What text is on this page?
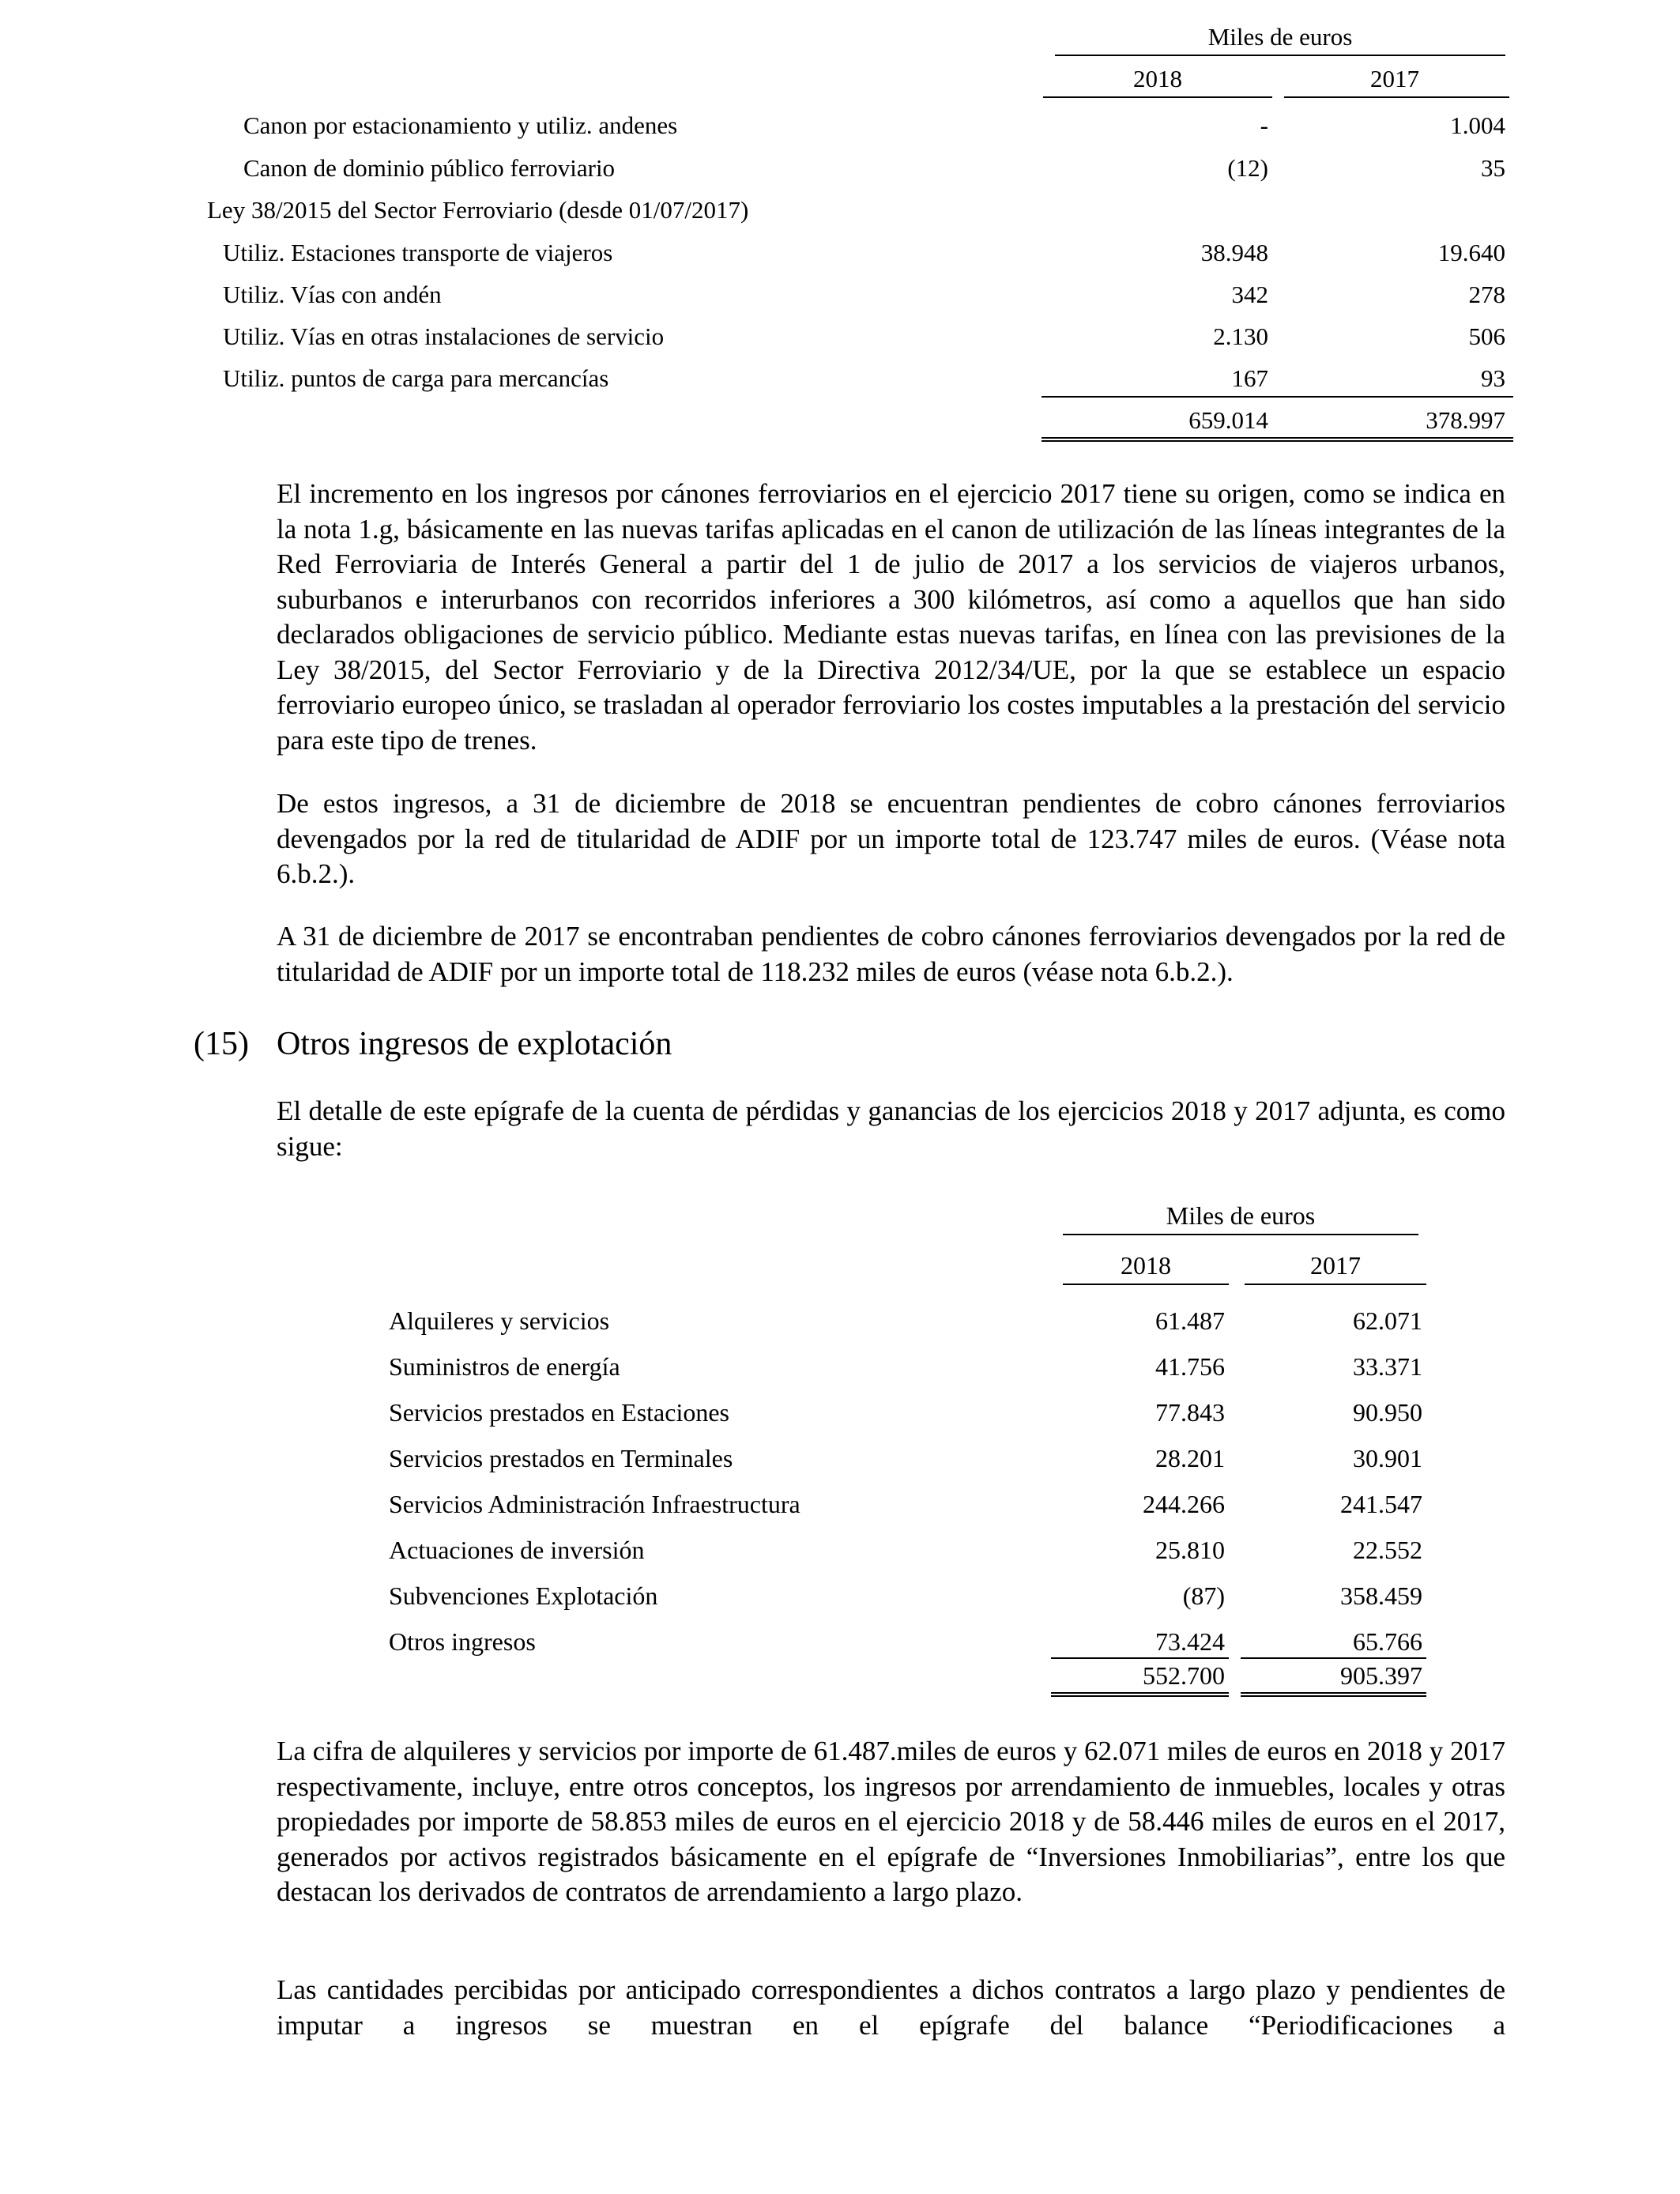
Miles de euros
2018	2017
Canon por estacionamiento y utiliz. andenes	-	1.004
Canon de dominio público ferroviario	(12)	35
Ley 38/2015 del Sector Ferroviario (desde 01/07/2017)
Utiliz. Estaciones transporte de viajeros	38.948	19.640
Utiliz. Vías con andén	342	278
Utiliz. Vías en otras instalaciones de servicio	2.130	506
Utiliz. puntos de carga para mercancías	167	93
659.014	378.997
El incremento en los ingresos por cánones ferroviarios en el ejercicio 2017 tiene su origen, como se indica en la nota 1.g, básicamente en las nuevas tarifas aplicadas en el canon de utilización de las líneas integrantes de la Red Ferroviaria de Interés General a partir del 1 de julio de 2017 a los servicios de viajeros urbanos, suburbanos e interurbanos con recorridos inferiores a 300 kilómetros, así como a aquellos que han sido declarados obligaciones de servicio público. Mediante estas nuevas tarifas, en línea con las previsiones de la Ley 38/2015, del Sector Ferroviario y de la Directiva 2012/34/UE, por la que se establece un espacio ferroviario europeo único, se trasladan al operador ferroviario los costes imputables a la prestación del servicio para este tipo de trenes.
De estos ingresos, a 31 de diciembre de 2018 se encuentran pendientes de cobro cánones ferroviarios devengados por la red de titularidad de ADIF por un importe total de 123.747 miles de euros. (Véase nota 6.b.2.).
A 31 de diciembre de 2017 se encontraban pendientes de cobro cánones ferroviarios devengados por la red de titularidad de ADIF por un importe total de 118.232 miles de euros (véase nota 6.b.2.).
(15) Otros ingresos de explotación
El detalle de este epígrafe de la cuenta de pérdidas y ganancias de los ejercicios 2018 y 2017 adjunta, es como sigue:
Miles de euros
2018	2017
Alquileres y servicios	61.487	62.071
Suministros de energía	41.756	33.371
Servicios prestados en Estaciones	77.843	90.950
Servicios prestados en Terminales	28.201	30.901
Servicios Administración Infraestructura	244.266	241.547
Actuaciones de inversión	25.810	22.552
Subvenciones Explotación	(87)	358.459
Otros ingresos	73.424	65.766
552.700	905.397
La cifra de alquileres y servicios por importe de 61.487.miles de euros y 62.071 miles de euros en 2018 y 2017 respectivamente, incluye, entre otros conceptos, los ingresos por arrendamiento de inmuebles, locales y otras propiedades por importe de 58.853 miles de euros en el ejercicio 2018 y de 58.446 miles de euros en el 2017, generados por activos registrados básicamente en el epígrafe de “Inversiones Inmobiliarias”, entre los que destacan los derivados de contratos de arrendamiento a largo plazo.
Las cantidades percibidas por anticipado correspondientes a dichos contratos a largo plazo y pendientes de imputar a ingresos se muestran en el epígrafe del balance “Periodificaciones a
